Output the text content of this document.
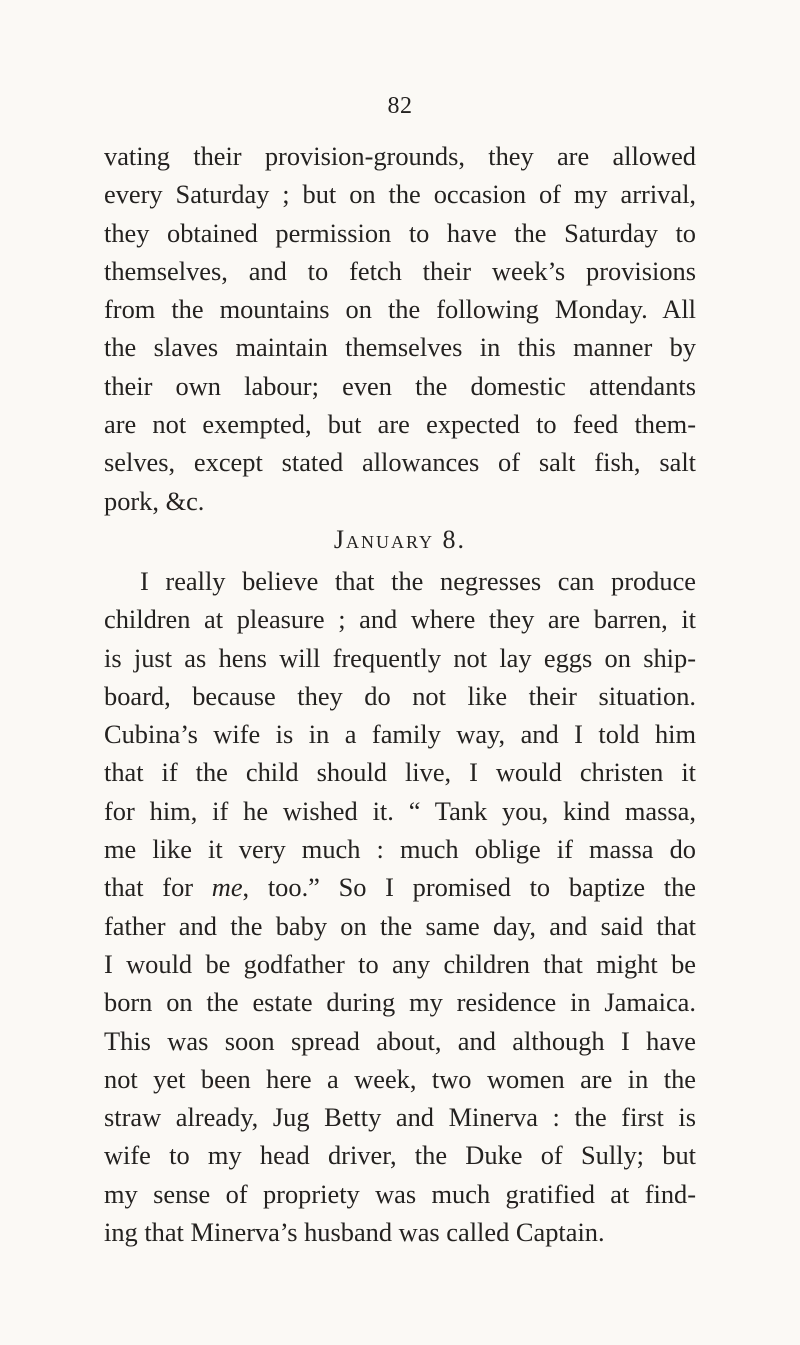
82
vating their provision-grounds, they are allowed
every Saturday ; but on the occasion of my arrival,
they obtained permission to have the Saturday to
themselves, and to fetch their week’s provisions
from the mountains on the following Monday. All
the slaves maintain themselves in this manner by
their own labour; even the domestic attendants
are not exempted, but are expected to feed them-
selves, except stated allowances of salt fish, salt
pork, &c.
January 8.
I really believe that the negresses can produce
children at pleasure ; and where they are barren, it
is just as hens will frequently not lay eggs on ship-
board, because they do not like their situation.
Cubina’s wife is in a family way, and I told him
that if the child should live, I would christen it
for him, if he wished it. “ Tank you, kind massa,
me like it very much : much oblige if massa do
that for me, too.” So I promised to baptize the
father and the baby on the same day, and said that
I would be godfather to any children that might be
born on the estate during my residence in Jamaica.
This was soon spread about, and although I have
not yet been here a week, two women are in the
straw already, Jug Betty and Minerva : the first is
wife to my head driver, the Duke of Sully; but
my sense of propriety was much gratified at find-
ing that Minerva’s husband was called Captain.
